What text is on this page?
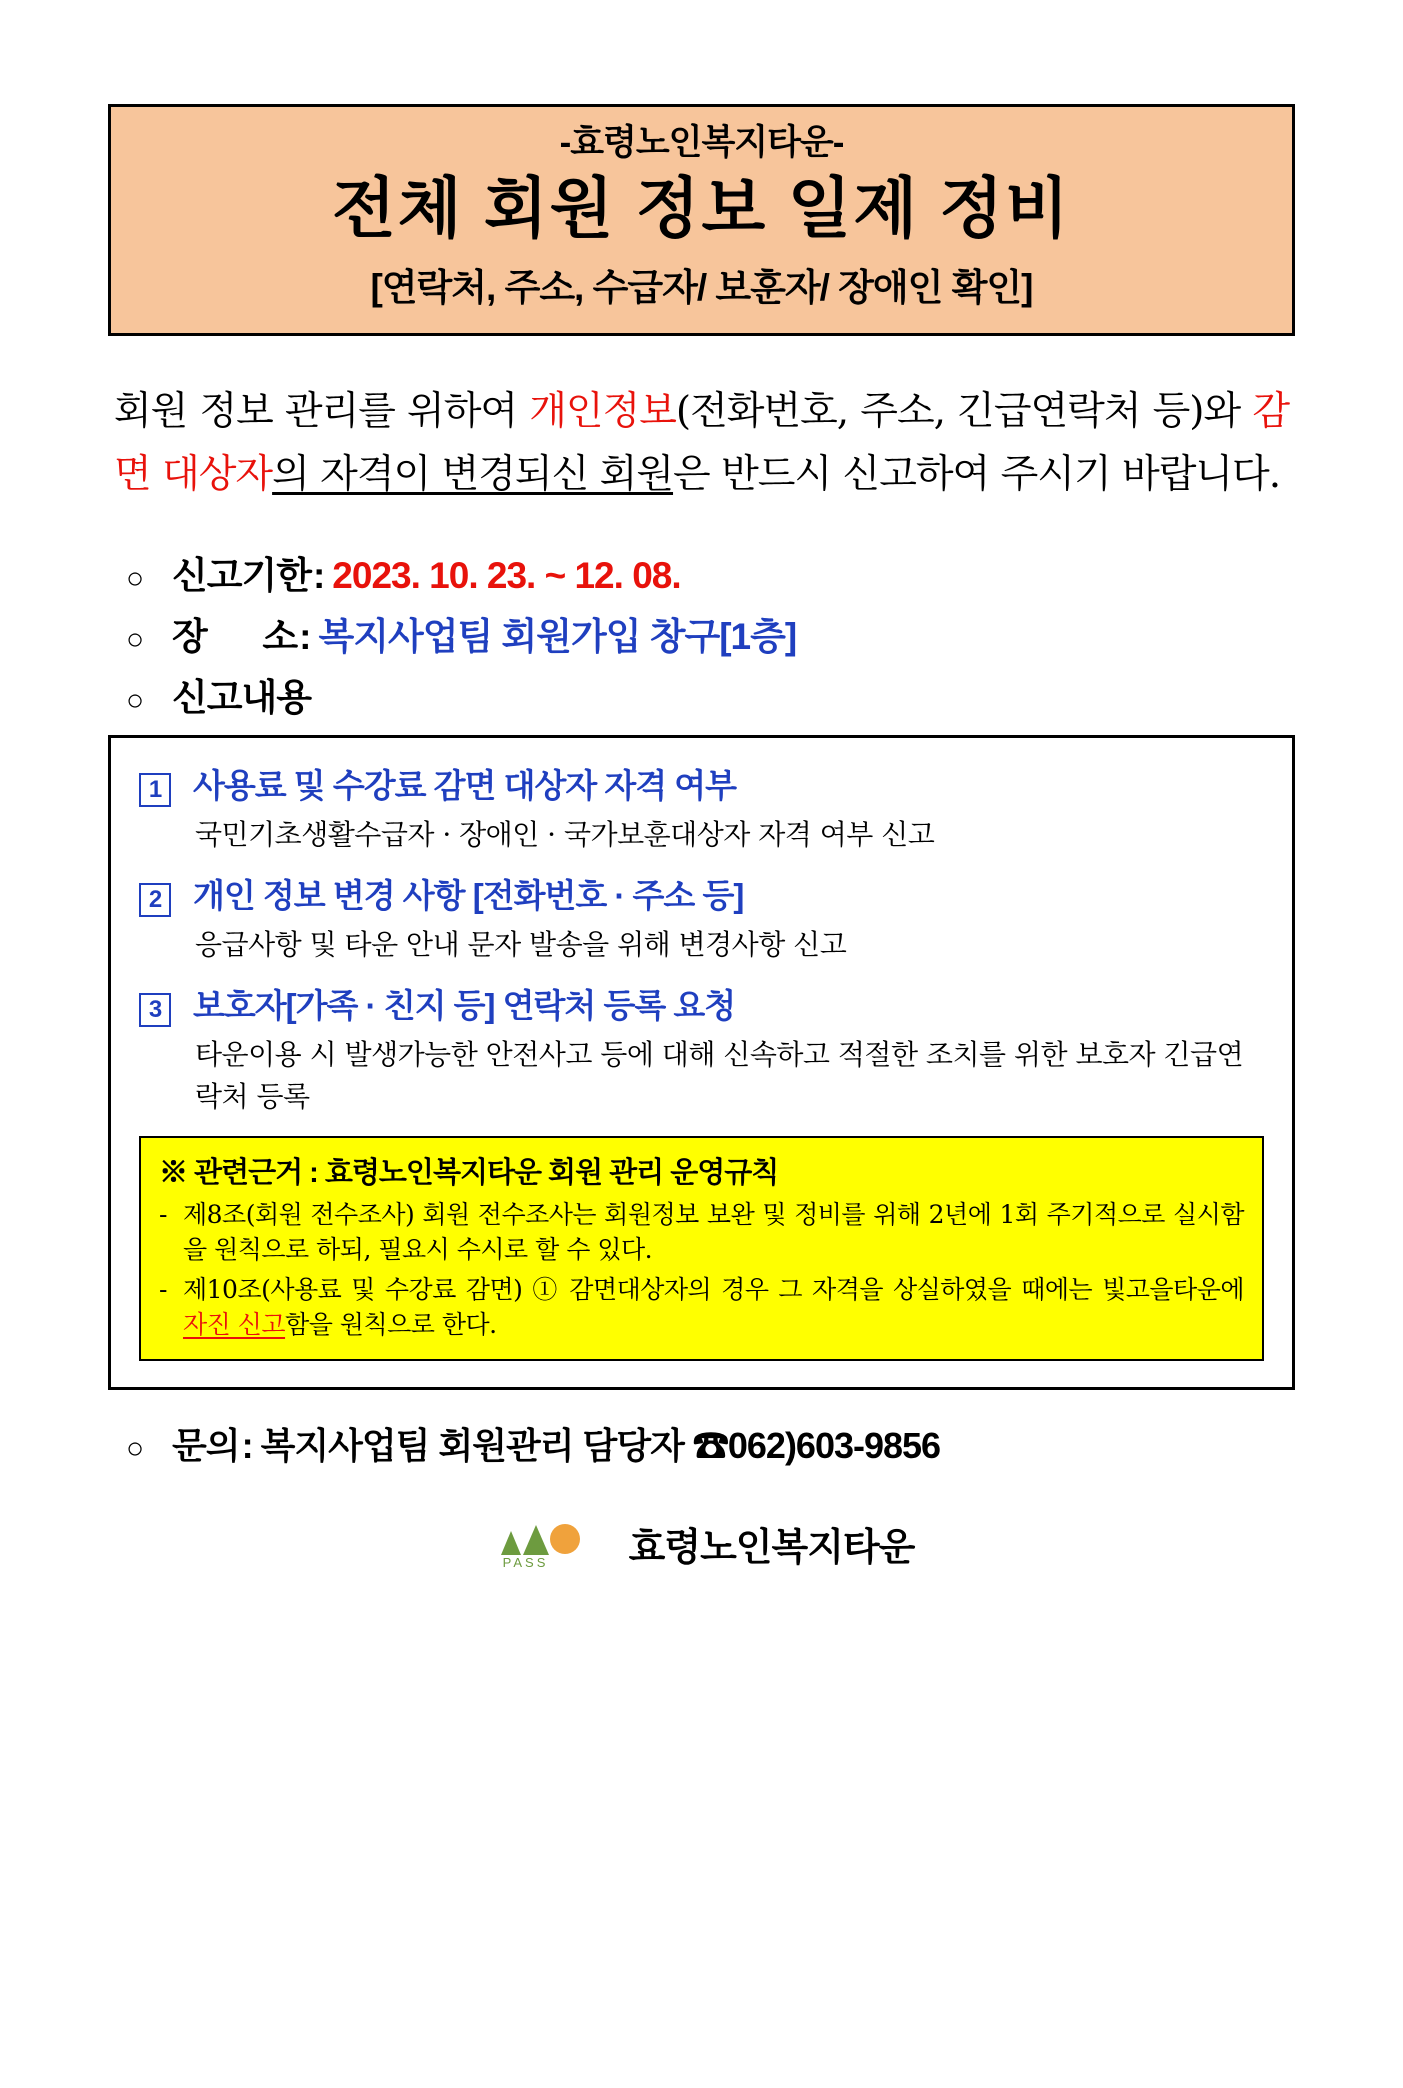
-효령노인복지타운-
전체 회원 정보 일제 정비
[연락처, 주소, 수급자/ 보훈자/ 장애인 확인]
회원 정보 관리를 위하여 개인정보(전화번호, 주소, 긴급연락처 등)와 감면 대상자의 자격이 변경되신 회원은 반드시 신고하여 주시기 바랍니다.
○ 신고기한 : 2023. 10. 23. ~ 12. 08.
○ 장      소 : 복지사업팀 회원가입 창구[1층]
○ 신고내용
1 사용료 및 수강료 감면 대상자 자격 여부
국민기초생활수급자 · 장애인 · 국가보훈대상자 자격 여부 신고
2 개인 정보 변경 사항 [전화번호 · 주소 등]
응급사항 및 타운 안내 문자 발송을 위해 변경사항 신고
3 보호자[가족 · 친지 등] 연락처 등록 요청
타운이용 시 발생가능한 안전사고 등에 대해 신속하고 적절한 조치를 위한 보호자 긴급연락처 등록
※ 관련근거 : 효령노인복지타운 회원 관리 운영규칙
- 제8조(회원 전수조사) 회원 전수조사는 회원정보 보완 및 정비를 위해 2년에 1회 주기적으로 실시함을 원칙으로 하되, 필요시 수시로 할 수 있다.
- 제10조(사용료 및 수강료 감면) ① 감면대상자의 경우 그 자격을 상실하였을 때에는 빛고을타운에 자진 신고함을 원칙으로 한다.
○ 문의 : 복지사업팀 회원관리 담당자 ☎062)603-9856
PASS 효령노인복지타운
